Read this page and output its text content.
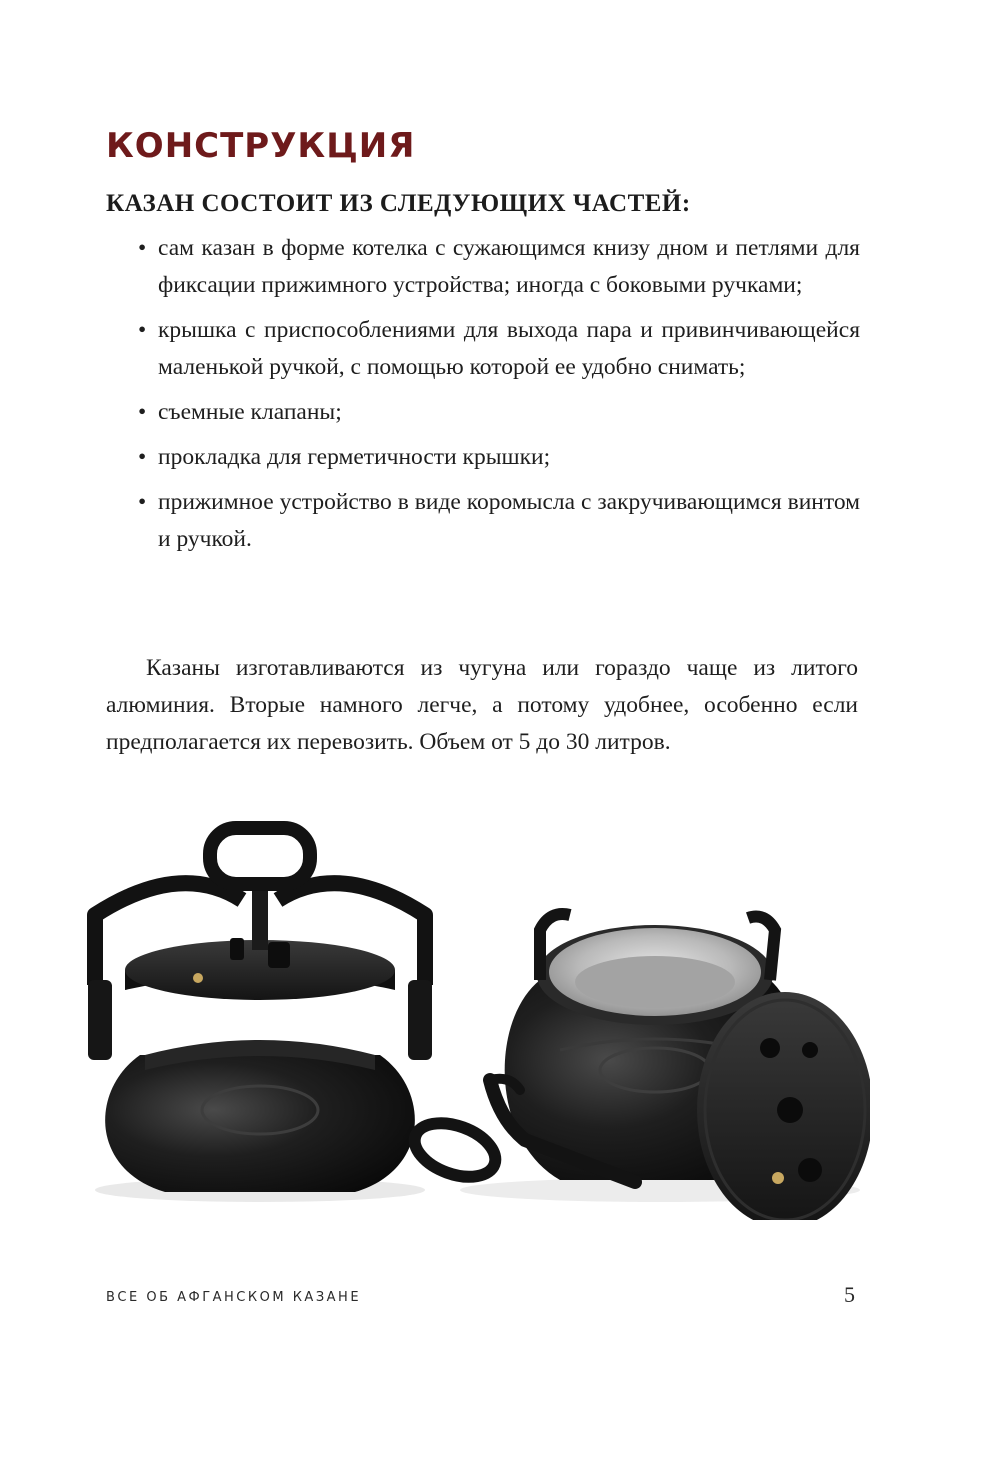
КОНСТРУКЦИЯ
КАЗАН СОСТОИТ ИЗ СЛЕДУЮЩИХ ЧАСТЕЙ:
• сам казан в форме котелка с сужающимся книзу дном и петлями для фиксации прижимного устройства; иногда с боковыми ручками;
• крышка с приспособлениями для выхода пара и привинчивающейся маленькой ручкой, с помощью которой ее удобно снимать;
• съемные клапаны;
• прокладка для герметичности крышки;
• прижимное устройство в виде коромысла с закручивающимся винтом и ручкой.

Казаны изготавливаются из чугуна или гораздо чаще из литого алюминия. Вторые намного легче, а потому удобнее, особенно если предполагается их перевозить. Объем от 5 до 30 литров.

ВСЕ ОБ АФГАНСКОМ КАЗАНЕ	5
